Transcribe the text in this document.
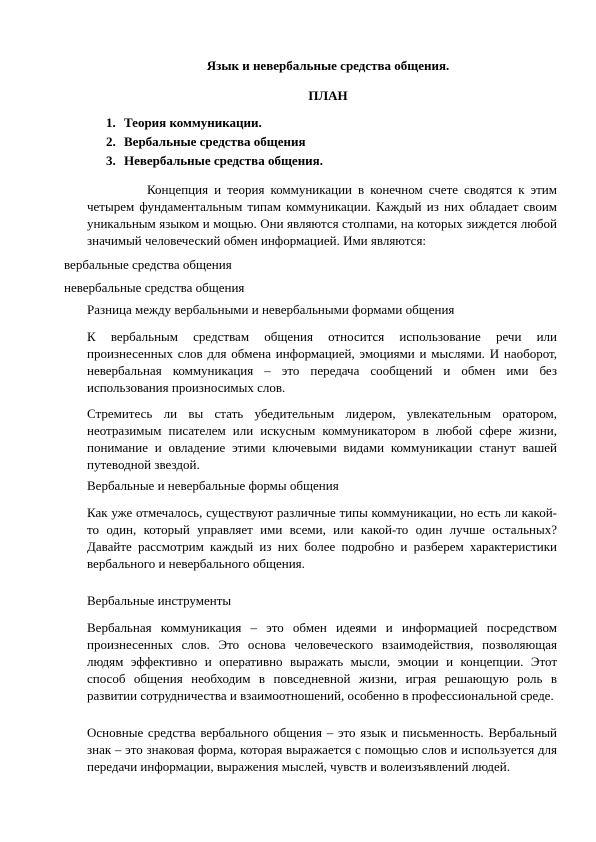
Язык и невербальные средства общения.
ПЛАН
1. Теория коммуникации.
2. Вербальные средства общения
3. Невербальные средства общения.

Концепция и теория коммуникации в конечном счете сводятся к этим четырем фундаментальным типам коммуникации. Каждый из них обладает своим уникальным языком и мощью. Они являются столпами, на которых зиждется любой значимый человеческий обмен информацией. Ими являются:

вербальные средства общения
невербальные средства общения

Разница между вербальными и невербальными формами общения

К вербальным средствам общения относится использование речи или произнесенных слов для обмена информацией, эмоциями и мыслями. И наоборот, невербальная коммуникация – это передача сообщений и обмен ими без использования произносимых слов.

Стремитесь ли вы стать убедительным лидером, увлекательным оратором, неотразимым писателем или искусным коммуникатором в любой сфере жизни, понимание и овладение этими ключевыми видами коммуникации станут вашей путеводной звездой.

Вербальные и невербальные формы общения

Как уже отмечалось, существуют различные типы коммуникации, но есть ли какой-то один, который управляет ими всеми, или какой-то один лучше остальных? Давайте рассмотрим каждый из них более подробно и разберем характеристики вербального и невербального общения.

Вербальные инструменты

Вербальная коммуникация – это обмен идеями и информацией посредством произнесенных слов. Это основа человеческого взаимодействия, позволяющая людям эффективно и оперативно выражать мысли, эмоции и концепции. Этот способ общения необходим в повседневной жизни, играя решающую роль в развитии сотрудничества и взаимоотношений, особенно в профессиональной среде.

Основные средства вербального общения – это язык и письменность. Вербальный знак – это знаковая форма, которая выражается с помощью слов и используется для передачи информации, выражения мыслей, чувств и волеизъявлений людей.
